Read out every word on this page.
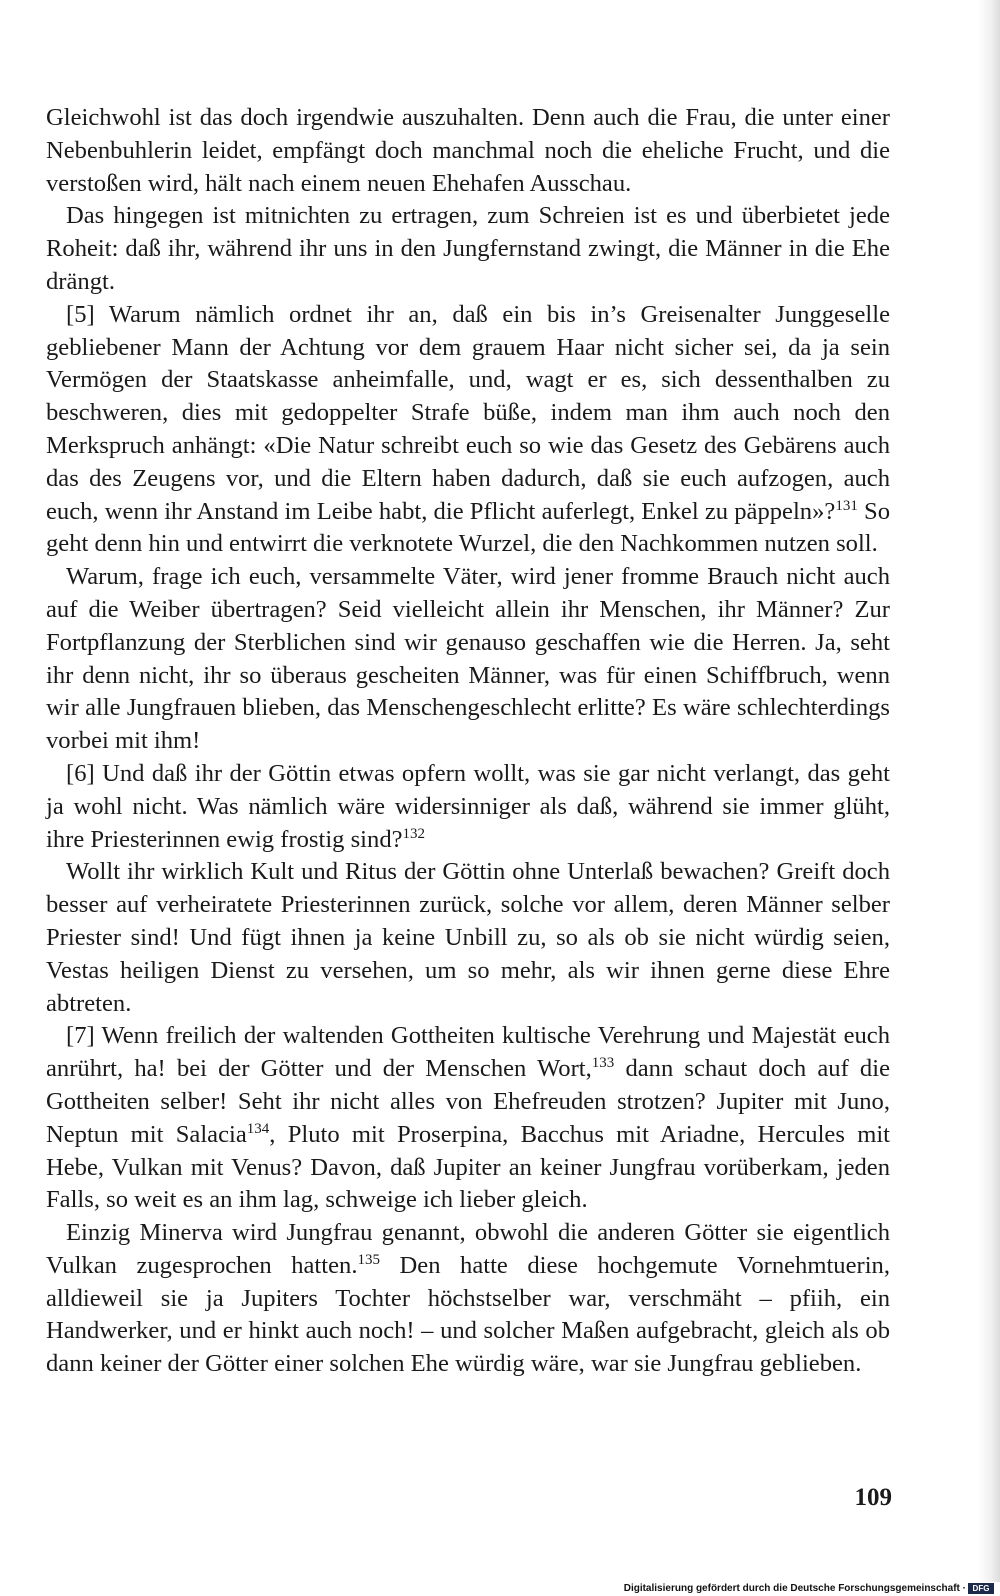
Gleichwohl ist das doch irgendwie auszuhalten. Denn auch die Frau, die unter einer Nebenbuhlerin leidet, empfängt doch manchmal noch die eheliche Frucht, und die verstoßen wird, hält nach einem neuen Ehehafen Ausschau.

Das hingegen ist mitnichten zu ertragen, zum Schreien ist es und überbietet jede Roheit: daß ihr, während ihr uns in den Jungfernstand zwingt, die Männer in die Ehe drängt.

[5] Warum nämlich ordnet ihr an, daß ein bis in’s Greisenalter Junggeselle gebliebener Mann der Achtung vor dem grauem Haar nicht sicher sei, da ja sein Vermögen der Staatskasse anheimfalle, und, wagt er es, sich dessenthalben zu beschweren, dies mit gedoppelter Strafe büße, indem man ihm auch noch den Merkspruch anhängt: «Die Natur schreibt euch so wie das Gesetz des Gebärens auch das des Zeugens vor, und die Eltern haben dadurch, daß sie euch aufzogen, auch euch, wenn ihr Anstand im Leibe habt, die Pflicht auferlegt, Enkel zu päppeln»?$^{131}$ So geht denn hin und entwirrt die verknotete Wurzel, die den Nachkommen nutzen soll.

Warum, frage ich euch, versammelte Väter, wird jener fromme Brauch nicht auch auf die Weiber übertragen? Seid vielleicht allein ihr Menschen, ihr Männer? Zur Fortpflanzung der Sterblichen sind wir genauso geschaffen wie die Herren. Ja, seht ihr denn nicht, ihr so überaus gescheiten Männer, was für einen Schiffbruch, wenn wir alle Jungfrauen blieben, das Menschengeschlecht erlitte? Es wäre schlechterdings vorbei mit ihm!

[6] Und daß ihr der Göttin etwas opfern wollt, was sie gar nicht verlangt, das geht ja wohl nicht. Was nämlich wäre widersinniger als daß, während sie immer glüht, ihre Priesterinnen ewig frostig sind?$^{132}$

Wollt ihr wirklich Kult und Ritus der Göttin ohne Unterlaß bewachen? Greift doch besser auf verheiratete Priesterinnen zurück, solche vor allem, deren Männer selber Priester sind! Und fügt ihnen ja keine Unbill zu, so als ob sie nicht würdig seien, Vestas heiligen Dienst zu versehen, um so mehr, als wir ihnen gerne diese Ehre abtreten.

[7] Wenn freilich der waltenden Gottheiten kultische Verehrung und Majestät euch anrührt, ha! bei der Götter und der Menschen Wort,$^{133}$ dann schaut doch auf die Gottheiten selber! Seht ihr nicht alles von Ehefreuden strotzen? Jupiter mit Juno, Neptun mit Salacia$^{134}$, Pluto mit Proserpina, Bacchus mit Ariadne, Hercules mit Hebe, Vulkan mit Venus? Davon, daß Jupiter an keiner Jungfrau vorüberkam, jeden Falls, so weit es an ihm lag, schweige ich lieber gleich.

Einzig Minerva wird Jungfrau genannt, obwohl die anderen Götter sie eigentlich Vulkan zugesprochen hatten.$^{135}$ Den hatte diese hochgemute Vornehmtuerin, alldieweil sie ja Jupiters Tochter höchstselber war, verschmäht – pfiih, ein Handwerker, und er hinkt auch noch! – und solcher Maßen aufgebracht, gleich als ob dann keiner der Götter einer solchen Ehe würdig wäre, war sie Jungfrau geblieben.

109
Digitalisierung gefördert durch die Deutsche Forschungsgemeinschaft · DFG
